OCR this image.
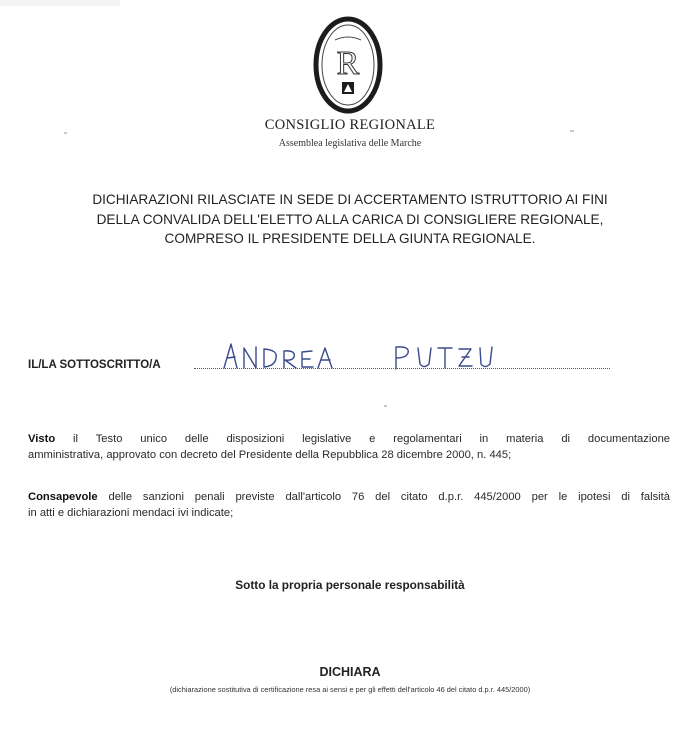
R
CONSIGLIO REGIONALE
Assemblea legislativa delle Marche
DICHIARAZIONI RILASCIATE IN SEDE DI ACCERTAMENTO ISTRUTTORIO AI FINI
DELLA CONVALIDA DELL'ELETTO ALLA CARICA DI CONSIGLIERE REGIONALE,
COMPRESO IL PRESIDENTE DELLA GIUNTA REGIONALE.
IL/LA SOTTOSCRITTO/A
Visto il Testo unico delle disposizioni legislative e regolamentari in materia di documentazione
amministrativa, approvato con decreto del Presidente della Repubblica 28 dicembre 2000, n. 445;
Consapevole delle sanzioni penali previste dall'articolo 76 del citato d.p.r. 445/2000 per le ipotesi di falsità
in atti e dichiarazioni mendaci ivi indicate;
Sotto la propria personale responsabilità
DICHIARA
(dichiarazione sostitutiva di certificazione resa ai sensi e per gli effetti dell'articolo 46 del citato d.p.r. 445/2000)
